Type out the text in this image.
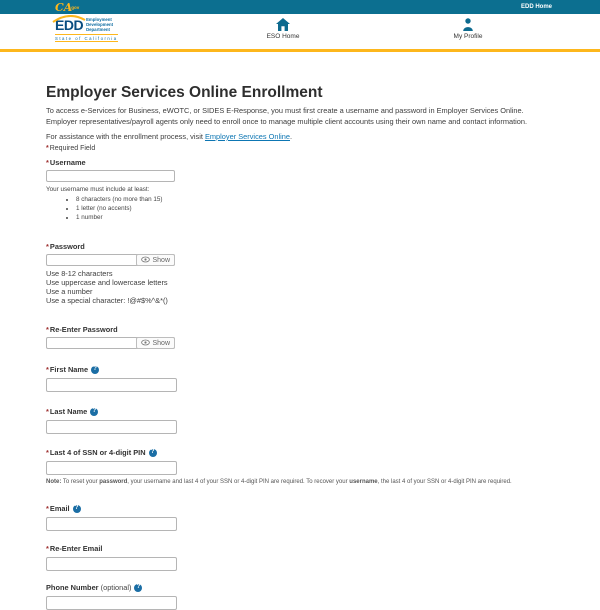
CAgov	EDD Home
EDD Employment
Development
Department
State of California	ESO Home	My Profile
Employer Services Online Enrollment

To access e-Services for Business, eWOTC, or SIDES E-Response, you must first create a username and password in Employer Services Online. Employer representatives/payroll agents only need to enroll once to manage multiple client accounts using their own name and contact information.

For assistance with the enrollment process, visit Employer Services Online.

*Required Field

*Username
Your username must include at least:
• 8 characters (no more than 15)
• 1 letter (no accents)
• 1 number
*Password
Show
Use 8-12 characters
Use uppercase and lowercase letters
Use a number
Use a special character: !@#$%^&*()
*Re-Enter Password
Show
*First Name ?
*Last Name ?
*Last 4 of SSN or 4-digit PIN ?

Note: To reset your password, your username and last 4 of your SSN or 4-digit PIN are required. To recover your username, the last 4 of your SSN or 4-digit PIN are required.

*Email ?
*Re-Enter Email
Phone Number (optional) ?
